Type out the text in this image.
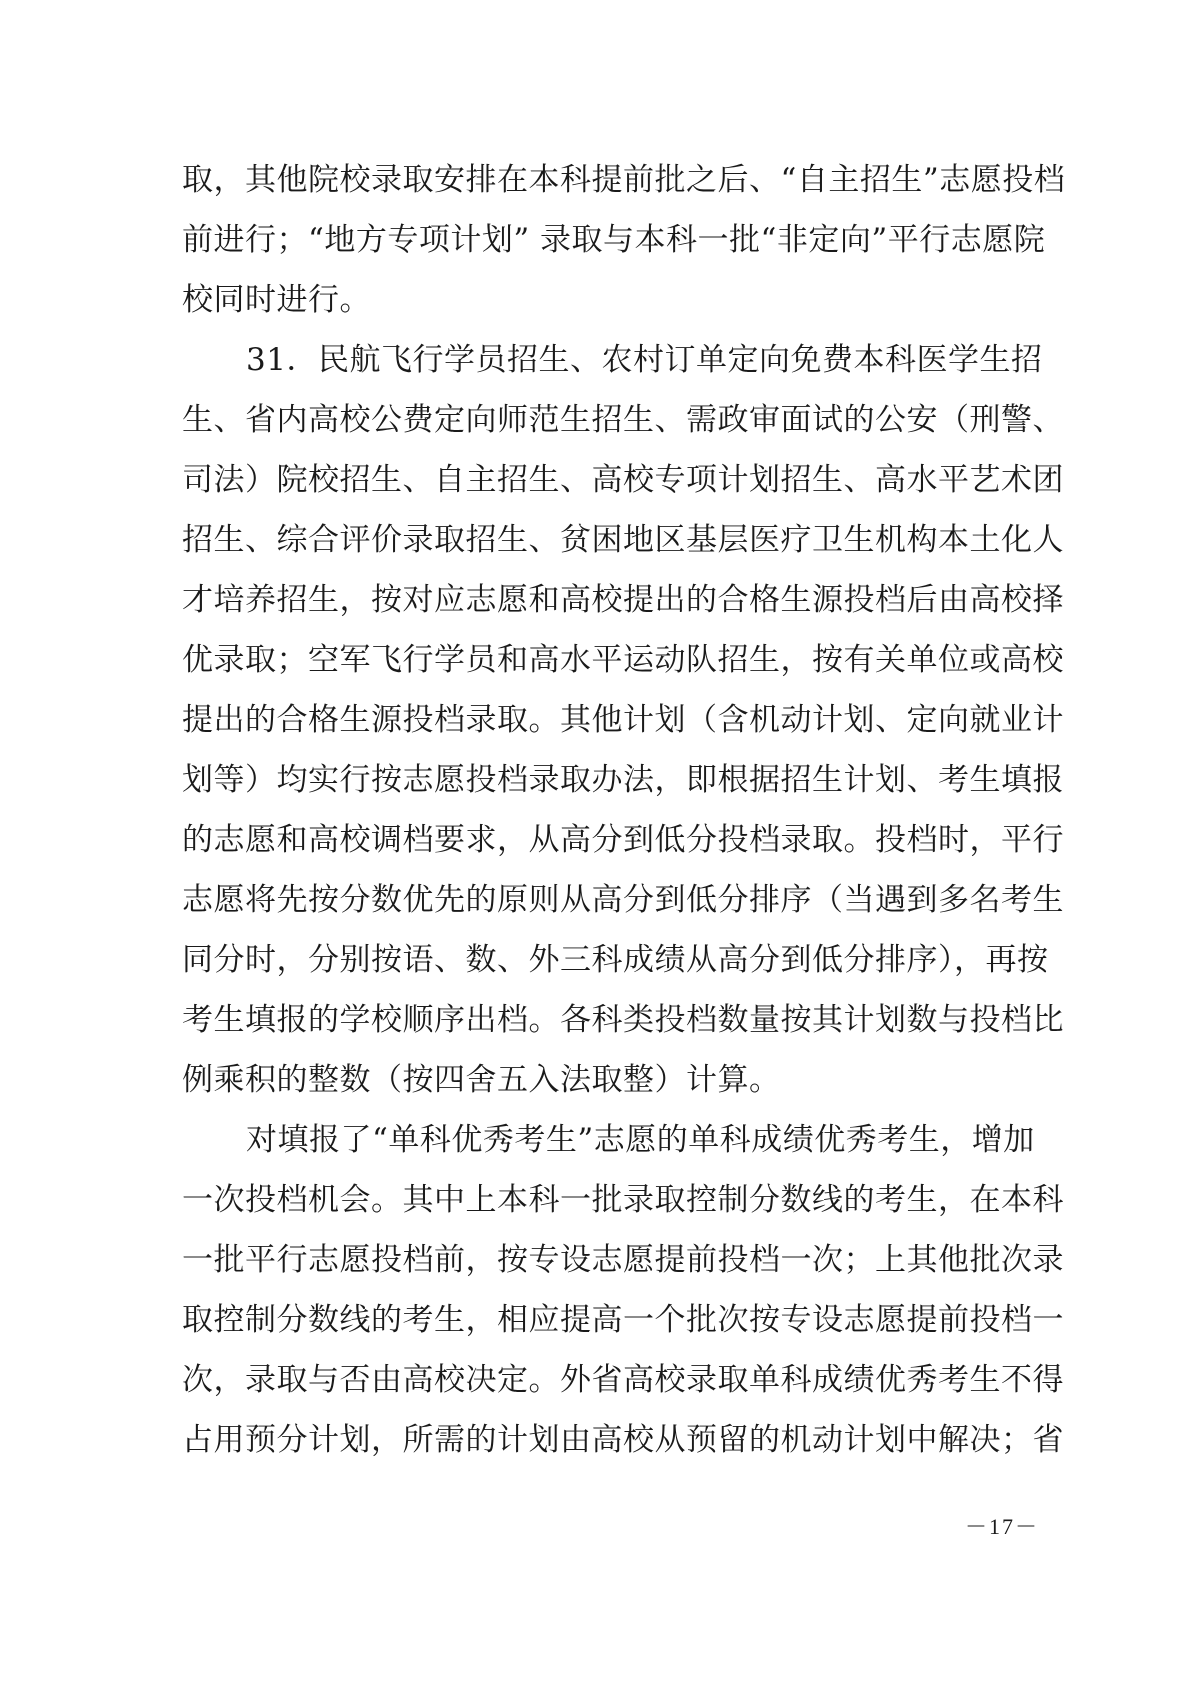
取，其他院校录取安排在本科提前批之后、“自主招生”志愿投档
前进行；“地方专项计划” 录取与本科一批“非定向”平行志愿院
校同时进行。
31．民航飞行学员招生、农村订单定向免费本科医学生招
生、省内高校公费定向师范生招生、需政审面试的公安（刑警、
司法）院校招生、自主招生、高校专项计划招生、高水平艺术团
招生、综合评价录取招生、贫困地区基层医疗卫生机构本土化人
才培养招生，按对应志愿和高校提出的合格生源投档后由高校择
优录取；空军飞行学员和高水平运动队招生，按有关单位或高校
提出的合格生源投档录取。其他计划（含机动计划、定向就业计
划等）均实行按志愿投档录取办法，即根据招生计划、考生填报
的志愿和高校调档要求，从高分到低分投档录取。投档时，平行
志愿将先按分数优先的原则从高分到低分排序（当遇到多名考生
同分时，分别按语、数、外三科成绩从高分到低分排序），再按
考生填报的学校顺序出档。各科类投档数量按其计划数与投档比
例乘积的整数（按四舍五入法取整）计算。
对填报了“单科优秀考生”志愿的单科成绩优秀考生，增加
一次投档机会。其中上本科一批录取控制分数线的考生，在本科
一批平行志愿投档前，按专设志愿提前投档一次；上其他批次录
取控制分数线的考生，相应提高一个批次按专设志愿提前投档一
次，录取与否由高校决定。外省高校录取单科成绩优秀考生不得
占用预分计划，所需的计划由高校从预留的机动计划中解决；省
－17－
